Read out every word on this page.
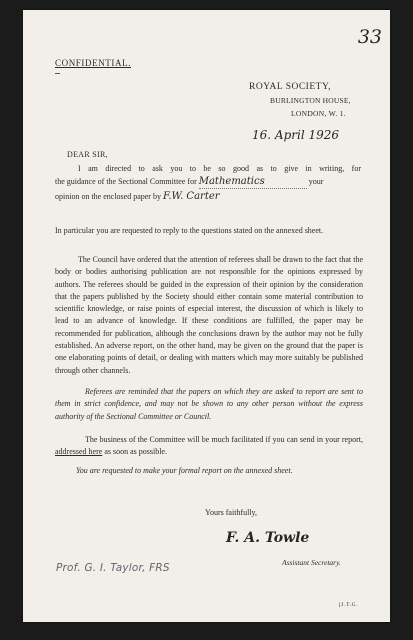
33
CONFIDENTIAL.
ROYAL SOCIETY,
BURLINGTON HOUSE,
LONDON, W. 1.
16. April 1926
DEAR SIR,
I am directed to ask you to be so good as to give in writing, for
the guidance of the Sectional Committee for Mathematics	your
opinion on the enclosed paper by F.W. Carter
In particular you are requested to reply to the questions stated on the annexed sheet.
The Council have ordered that the attention of referees shall be drawn to the fact that the body or bodies authorising publication are not responsible for the opinions expressed by authors. The referees should be guided in the expression of their opinion by the consideration that the papers published by the Society should either contain some material contribution to scientific knowledge, or raise points of especial interest, the discussion of which is likely to lead to an advance of knowledge. If these conditions are fulfilled, the paper may be recommended for publication, although the conclusions drawn by the author may not be fully established. An adverse report, on the other hand, may be given on the ground that the paper is one elaborating points of detail, or dealing with matters which may more suitably be published through other channels.
Referees are reminded that the papers on which they are asked to report are sent to them in strict confidence, and may not be shown to any other person without the express authority of the Sectional Committee or Council.
The business of the Committee will be much facilitated if you can send in your report, addressed here as soon as possible.
You are requested to make your formal report on the annexed sheet.
Yours faithfully,
F. A. Towle
Assistant Secretary.
Prof. G. I. Taylor, FRS
[J.T.G.
